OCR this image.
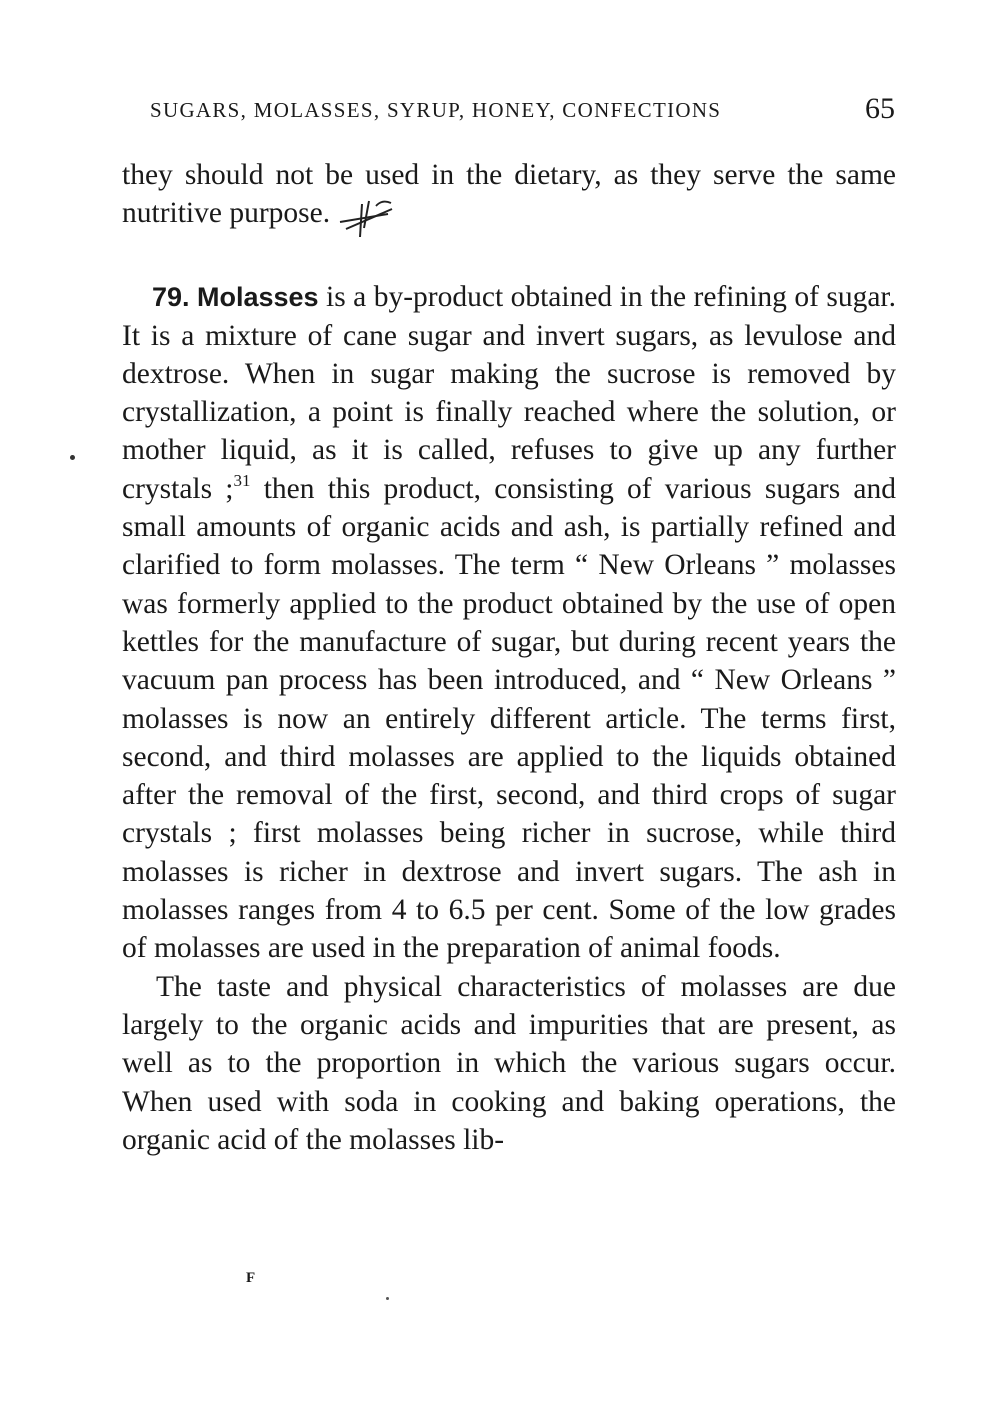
SUGARS, MOLASSES, SYRUP, HONEY, CONFECTIONS	65

they should not be used in the dietary, as they serve the same nutritive purpose.

79. Molasses is a by-product obtained in the refining of sugar. It is a mixture of cane sugar and invert sugars, as levulose and dextrose. When in sugar making the sucrose is removed by crystallization, a point is finally reached where the solution, or mother liquid, as it is called, refuses to give up any further crystals ;$^{31}$ then this product, consisting of various sugars and small amounts of organic acids and ash, is partially refined and clarified to form molasses. The term “ New Orleans ” molasses was formerly applied to the product obtained by the use of open kettles for the manufacture of sugar, but during recent years the vacuum pan process has been introduced, and “ New Orleans ” molasses is now an entirely different article. The terms first, second, and third molasses are applied to the liquids obtained after the removal of the first, second, and third crops of sugar crystals ; first molasses being richer in sucrose, while third molasses is richer in dextrose and invert sugars. The ash in molasses ranges from 4 to 6.5 per cent. Some of the low grades of molasses are used in the preparation of animal foods.

The taste and physical characteristics of molasses are due largely to the organic acids and impurities that are present, as well as to the proportion in which the various sugars occur. When used with soda in cooking and baking operations, the organic acid of the molasses lib-

F
